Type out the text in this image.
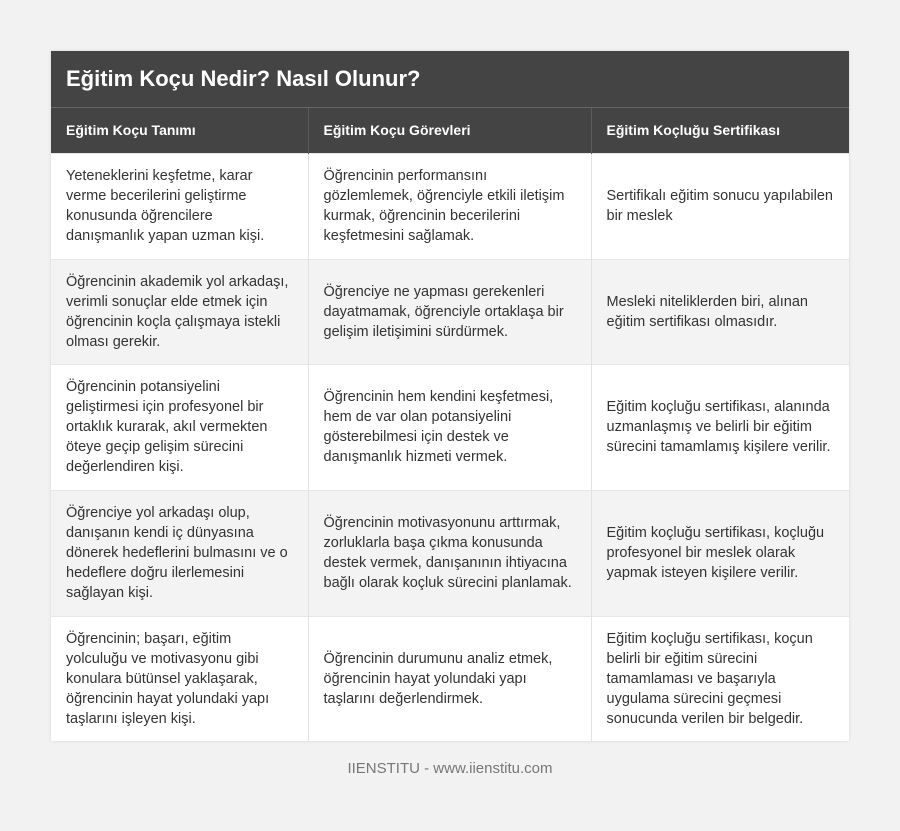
Eğitim Koçu Nedir? Nasıl Olunur?
Eğitim Koçu Tanımı	Eğitim Koçu Görevleri	Eğitim Koçluğu Sertifikası
Yeteneklerini keşfetme, karar verme becerilerini geliştirme konusunda öğrencilere danışmanlık yapan uzman kişi.	Öğrencinin performansını gözlemlemek, öğrenciyle etkili iletişim kurmak, öğrencinin becerilerini keşfetmesini sağlamak.	Sertifikalı eğitim sonucu yapılabilen bir meslek
Öğrencinin akademik yol arkadaşı, verimli sonuçlar elde etmek için öğrencinin koçla çalışmaya istekli olması gerekir.	Öğrenciye ne yapması gerekenleri dayatmamak, öğrenciyle ortaklaşa bir gelişim iletişimini sürdürmek.	Mesleki niteliklerden biri, alınan eğitim sertifikası olmasıdır.
Öğrencinin potansiyelini geliştirmesi için profesyonel bir ortaklık kurarak, akıl vermekten öteye geçip gelişim sürecini değerlendiren kişi.	Öğrencinin hem kendini keşfetmesi, hem de var olan potansiyelini gösterebilmesi için destek ve danışmanlık hizmeti vermek.	Eğitim koçluğu sertifikası, alanında uzmanlaşmış ve belirli bir eğitim sürecini tamamlamış kişilere verilir.
Öğrenciye yol arkadaşı olup, danışanın kendi iç dünyasına dönerek hedeflerini bulmasını ve o hedeflere doğru ilerlemesini sağlayan kişi.	Öğrencinin motivasyonunu arttırmak, zorluklarla başa çıkma konusunda destek vermek, danışanının ihtiyacına bağlı olarak koçluk sürecini planlamak.	Eğitim koçluğu sertifikası, koçluğu profesyonel bir meslek olarak yapmak isteyen kişilere verilir.
Öğrencinin; başarı, eğitim yolculuğu ve motivasyonu gibi konulara bütünsel yaklaşarak, öğrencinin hayat yolundaki yapı taşlarını işleyen kişi.	Öğrencinin durumunu analiz etmek, öğrencinin hayat yolundaki yapı taşlarını değerlendirmek.	Eğitim koçluğu sertifikası, koçun belirli bir eğitim sürecini tamamlaması ve başarıyla uygulama sürecini geçmesi sonucunda verilen bir belgedir.
IIENSTITU - www.iienstitu.com
